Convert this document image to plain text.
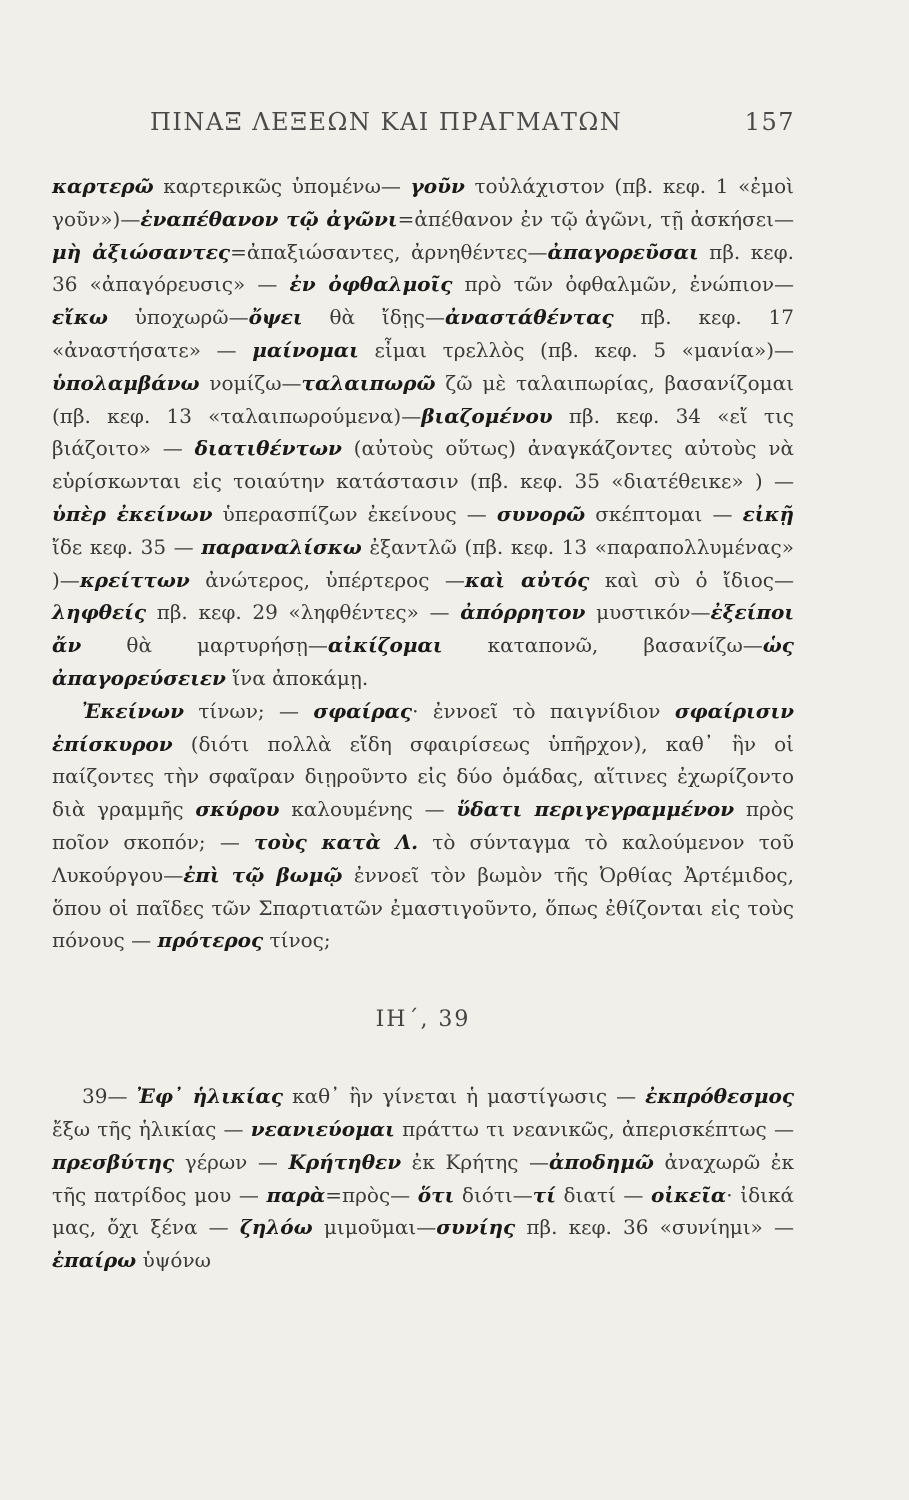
ΠΙΝΑΞ ΛΕΞΕΩΝ ΚΑΙ ΠΡΑΓΜΑΤΩΝ	157

καρτερῶ καρτερικῶς ὑπομένω— γοῦν τοὐλάχιστον (πβ. κεφ. 1 «ἐμοὶ γοῦν»)—ἐναπέθανον τῷ ἀγῶνι=ἀπέθανον ἐν τῷ ἀγῶνι, τῇ ἀσκήσει—μὴ ἀξιώσαντες=ἀπαξιώσαντες, ἀρνηθέντες—ἀπαγορεῦσαι πβ. κεφ. 36 «ἀπαγόρευσις» — ἐν ὀφθαλμοῖς πρὸ τῶν ὀφθαλμῶν, ἐνώπιον—εἴκω ὑποχωρῶ—ὄψει θὰ ἴδῃς—ἀναστάθέντας πβ. κεφ. 17 «ἀναστήσατε» — μαίνομαι εἶμαι τρελλὸς (πβ. κεφ. 5 «μανία»)—ὑπολαμβάνω νομίζω—ταλαιπωρῶ ζῶ μὲ ταλαιπωρίας, βασανίζομαι (πβ. κεφ. 13 «ταλαιπωρούμενα)—βιαζομένου πβ. κεφ. 34 «εἴ τις βιάζοιτο» — διατιθέντων (αὐτοὺς οὕτως) ἀναγκάζοντες αὐτοὺς νὰ εὑρίσκωνται εἰς τοιαύτην κατάστασιν (πβ. κεφ. 35 «διατέθεικε» ) — ὑπὲρ ἐκείνων ὑπερασπίζων ἐκείνους — συνορῶ σκέπτομαι — εἰκῇ ἴδε κεφ. 35 — παραναλίσκω ἐξαντλῶ (πβ. κεφ. 13 «παραπολλυμένας» )—κρείττων ἀνώτερος, ὑπέρτερος —καὶ αὐτός καὶ σὺ ὁ ἴδιος— ληφθείς πβ. κεφ. 29 «ληφθέντες» — ἀπόρρητον μυστικόν—ἐξείποι ἄν θὰ μαρτυρήσῃ—αἰκίζομαι καταπονῶ, βασανίζω—ὡς ἀπαγορεύσειεν ἵνα ἀποκάμῃ.

Ἐκείνων τίνων; — σφαίρας· ἐννοεῖ τὸ παιγνίδιον σφαίρισιν ἐπίσκυρον (διότι πολλὰ εἴδη σφαιρίσεως ὑπῆρχον), καθ᾿ ἣν οἱ παίζοντες τὴν σφαῖραν διῃροῦντο εἰς δύο ὁμάδας, αἵτινες ἐχωρίζοντο διὰ γραμμῆς σκύρου καλουμένης — ὕδατι περιγεγραμμένον πρὸς ποῖον σκοπόν; — τοὺς κατὰ Λ. τὸ σύνταγμα τὸ καλούμενον τοῦ Λυκούργου—ἐπὶ τῷ βωμῷ ἐννοεῖ τὸν βωμὸν τῆς Ὀρθίας Ἀρτέμιδος, ὅπου οἱ παῖδες τῶν Σπαρτιατῶν ἐμαστιγοῦντο, ὅπως ἐθίζονται εἰς τοὺς πόνους — πρότερος τίνος;

ΙΗ΄, 39

39— Ἐφ᾿ ἡλικίας καθ᾿ ἣν γίνεται ἡ μαστίγωσις — ἐκπρόθεσμος ἔξω τῆς ἡλικίας — νεανιεύομαι πράττω τι νεανικῶς, ἀπερισκέπτως — πρεσβύτης γέρων — Κρήτηθεν ἐκ Κρήτης —ἀποδημῶ ἀναχωρῶ ἐκ τῆς πατρίδος μου — παρὰ=πρὸς— ὅτι διότι—τί διατί — οἰκεῖα· ἰδικά μας, ὄχι ξένα — ζηλόω μιμοῦμαι—συνίης πβ. κεφ. 36 «συνίημι» — ἐπαίρω ὑψόνω
